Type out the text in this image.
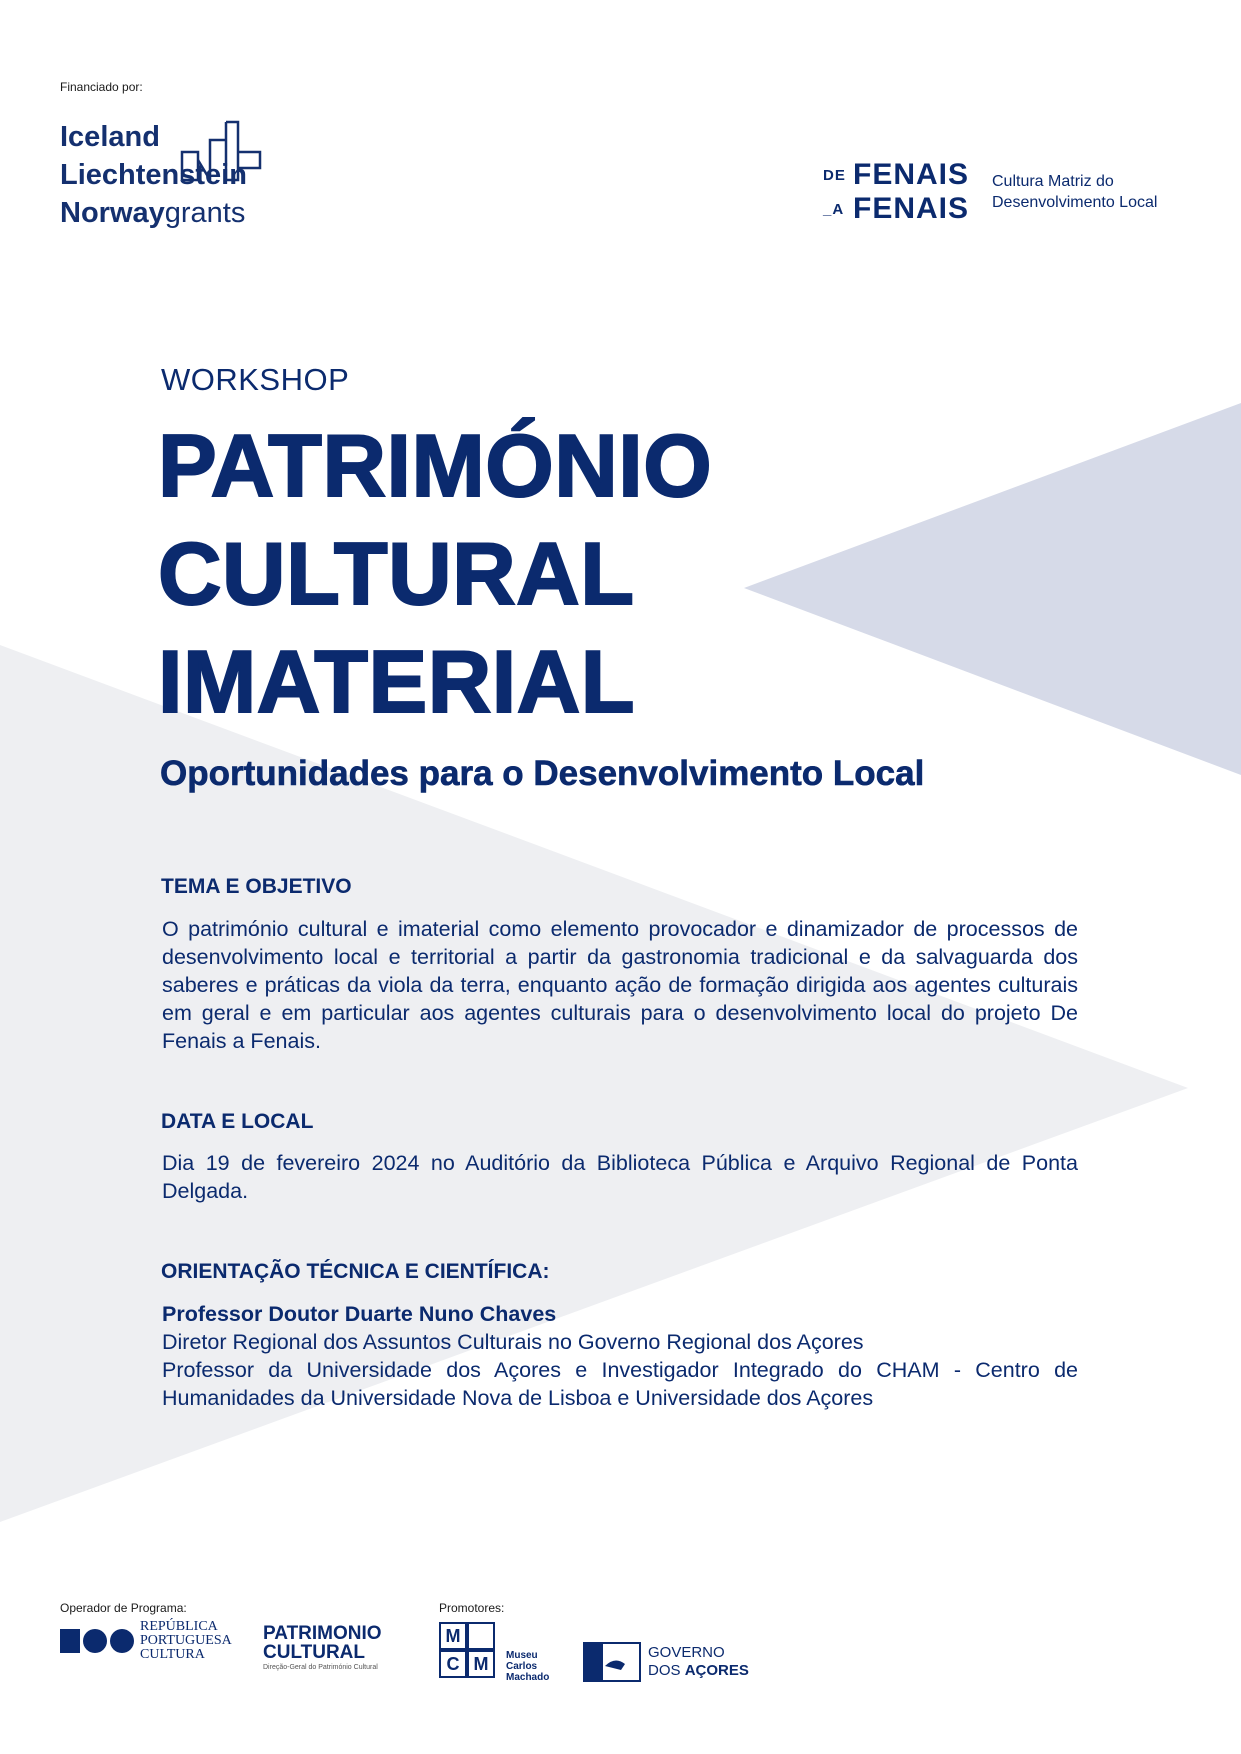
Financiado por:
Iceland
Liechtenstein
Norwaygrants
DE FENAIS
_A FENAIS
Cultura Matriz do
Desenvolvimento Local
WORKSHOP
PATRIMÓNIO
CULTURAL
IMATERIAL
Oportunidades para o Desenvolvimento Local
TEMA E OBJETIVO
O património cultural e imaterial como elemento provocador e dinamizador de processos de desenvolvimento local e territorial a partir da gastronomia tradicional e da salvaguarda dos saberes e práticas da viola da terra, enquanto ação de formação dirigida aos agentes culturais em geral e em particular aos agentes culturais para o desenvolvimento local do projeto De Fenais a Fenais.
DATA E LOCAL
Dia 19 de fevereiro 2024 no Auditório da Biblioteca Pública e Arquivo Regional de Ponta Delgada.
ORIENTAÇÃO TÉCNICA E CIENTÍFICA:
Professor Doutor Duarte Nuno Chaves
Diretor Regional dos Assuntos Culturais no Governo Regional dos Açores
Professor da Universidade dos Açores e Investigador Integrado do CHAM - Centro de Humanidades da Universidade Nova de Lisboa e Universidade dos Açores
Operador de Programa:	Promotores:
REPÚBLICA
PORTUGUESA
CULTURA
PATRIMONIO
CULTURAL
Direção-Geral do Património Cultural
M
C M	Museu
Carlos
Machado
GOVERNO
DOS AÇORES
